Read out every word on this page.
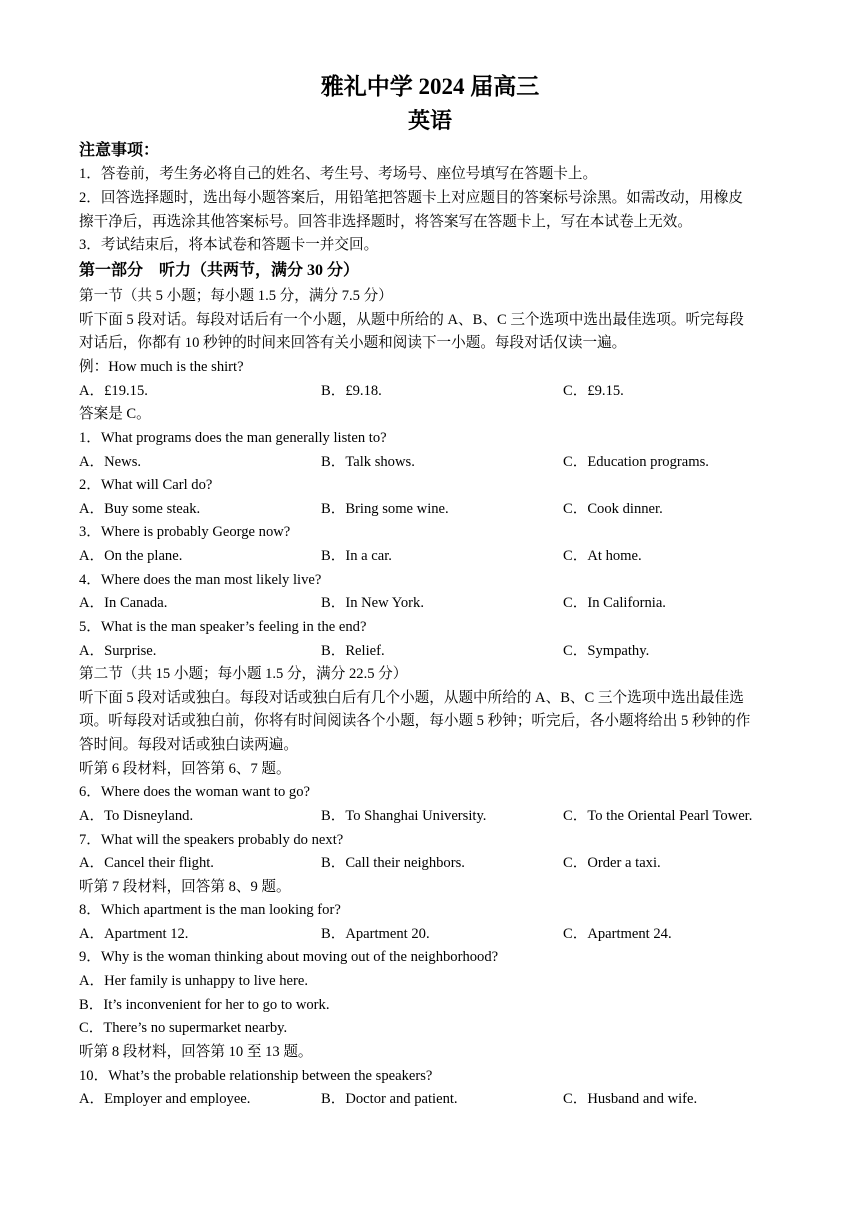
雅礼中学 2024 届高三
英语
注意事项：
1．答卷前，考生务必将自己的姓名、考生号、考场号、座位号填写在答题卡上。
2．回答选择题时，选出每小题答案后，用铅笔把答题卡上对应题目的答案标号涂黑。如需改动，用橡皮
擦干净后，再选涂其他答案标号。回答非选择题时，将答案写在答题卡上，写在本试卷上无效。
3．考试结束后，将本试卷和答题卡一并交回。
第一部分　听力（共两节，满分 30 分）
第一节（共 5 小题；每小题 1.5 分，满分 7.5 分）
听下面 5 段对话。每段对话后有一个小题，从题中所给的 A、B、C 三个选项中选出最佳选项。听完每段
对话后，你都有 10 秒钟的时间来回答有关小题和阅读下一小题。每段对话仅读一遍。
例：How much is the shirt?
A．£19.15.	B．£9.18.	C．£9.15.
答案是 C。
1．What programs does the man generally listen to?
A．News.	B．Talk shows.	C．Education programs.
2．What will Carl do?
A．Buy some steak.	B．Bring some wine.	C．Cook dinner.
3．Where is probably George now?
A．On the plane.	B．In a car.	C．At home.
4．Where does the man most likely live?
A．In Canada.	B．In New York.	C．In California.
5．What is the man speaker’s feeling in the end?
A．Surprise.	B．Relief.	C．Sympathy.
第二节（共 15 小题；每小题 1.5 分，满分 22.5 分）
听下面 5 段对话或独白。每段对话或独白后有几个小题，从题中所给的 A、B、C 三个选项中选出最佳选
项。听每段对话或独白前，你将有时间阅读各个小题，每小题 5 秒钟；听完后，各小题将给出 5 秒钟的作
答时间。每段对话或独白读两遍。
听第 6 段材料，回答第 6、7 题。
6．Where does the woman want to go?
A．To Disneyland.	B．To Shanghai University.	C．To the Oriental Pearl Tower.
7．What will the speakers probably do next?
A．Cancel their flight.	B．Call their neighbors.	C．Order a taxi.
听第 7 段材料，回答第 8、9 题。
8．Which apartment is the man looking for?
A．Apartment 12.	B．Apartment 20.	C．Apartment 24.
9．Why is the woman thinking about moving out of the neighborhood?
A．Her family is unhappy to live here.
B．It’s inconvenient for her to go to work.
C．There’s no supermarket nearby.
听第 8 段材料，回答第 10 至 13 题。
10．What’s the probable relationship between the speakers?
A．Employer and employee.	B．Doctor and patient.	C．Husband and wife.
